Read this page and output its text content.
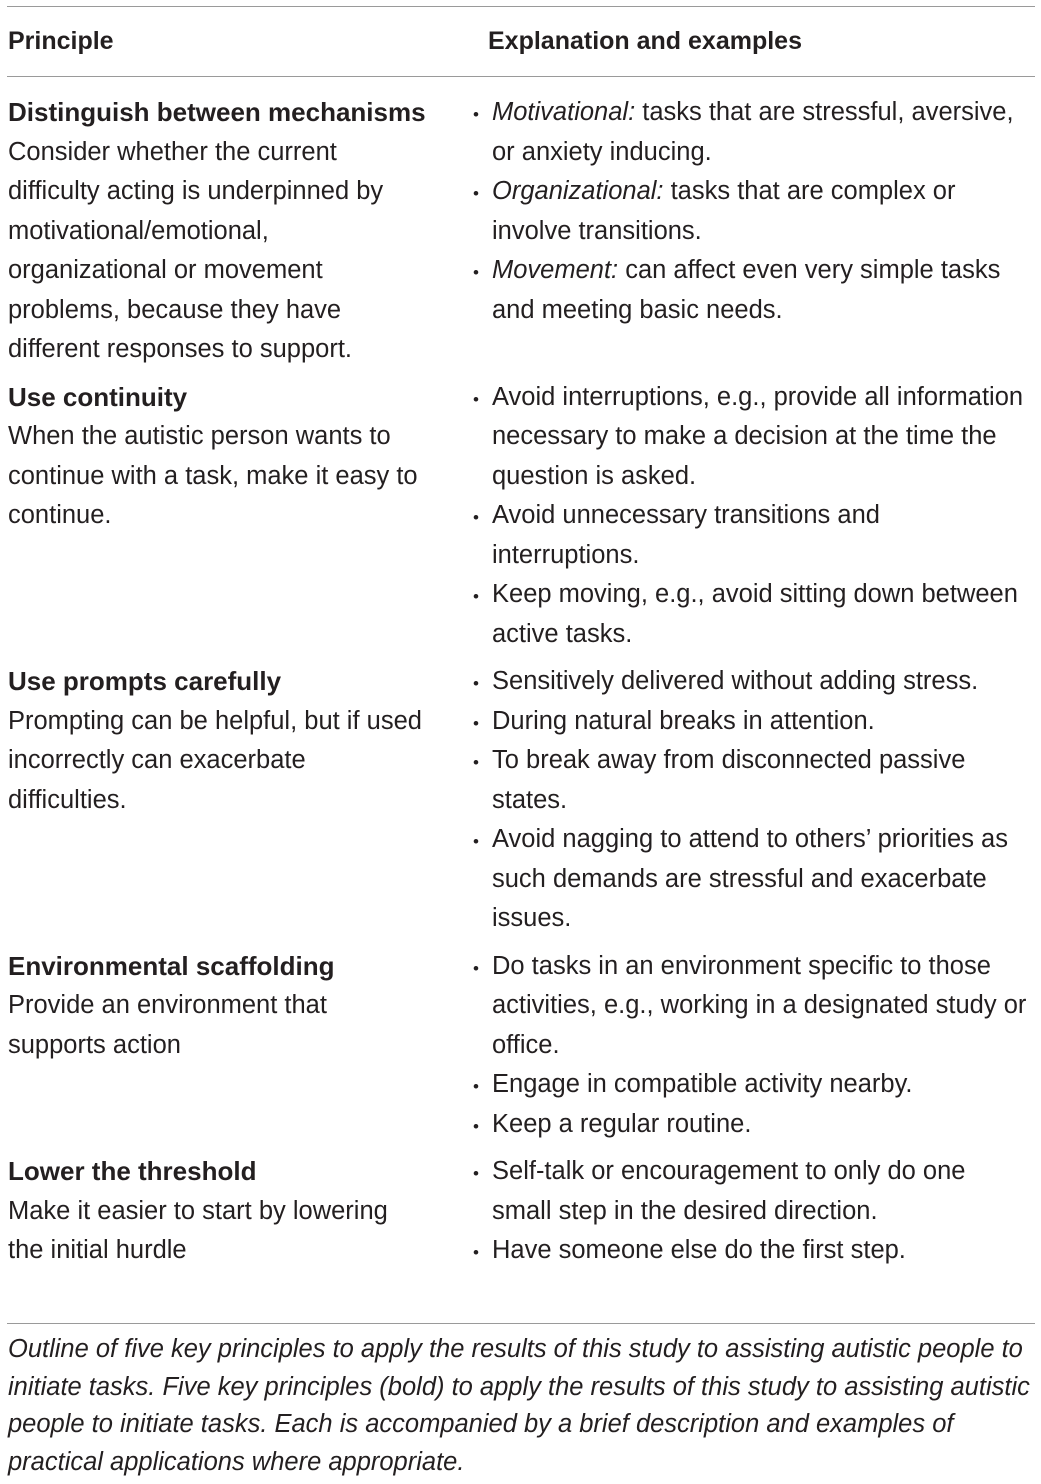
Principle	Explanation and examples

Distinguish between mechanisms

Consider whether the current difficulty acting is underpinned by motivational/emotional, organizational or movement problems, because they have different responses to support.

• Motivational: tasks that are stressful, aversive, or anxiety inducing.
• Organizational: tasks that are complex or involve transitions.
• Movement: can affect even very simple tasks and meeting basic needs.

Use continuity

When the autistic person wants to continue with a task, make it easy to continue.

• Avoid interruptions, e.g., provide all information necessary to make a decision at the time the question is asked.
• Avoid unnecessary transitions and interruptions.
• Keep moving, e.g., avoid sitting down between active tasks.

Use prompts carefully

Prompting can be helpful, but if used incorrectly can exacerbate difficulties.

• Sensitively delivered without adding stress.
• During natural breaks in attention.
• To break away from disconnected passive states.
• Avoid nagging to attend to others’ priorities as such demands are stressful and exacerbate issues.

Environmental scaffolding

Provide an environment that supports action

• Do tasks in an environment specific to those activities, e.g., working in a designated study or office.
• Engage in compatible activity nearby.
• Keep a regular routine.

Lower the threshold

Make it easier to start by lowering the initial hurdle

• Self-talk or encouragement to only do one small step in the desired direction.
• Have someone else do the first step.

Outline of five key principles to apply the results of this study to assisting autistic people to initiate tasks. Five key principles (bold) to apply the results of this study to assisting autistic people to initiate tasks. Each is accompanied by a brief description and examples of practical applications where appropriate.
